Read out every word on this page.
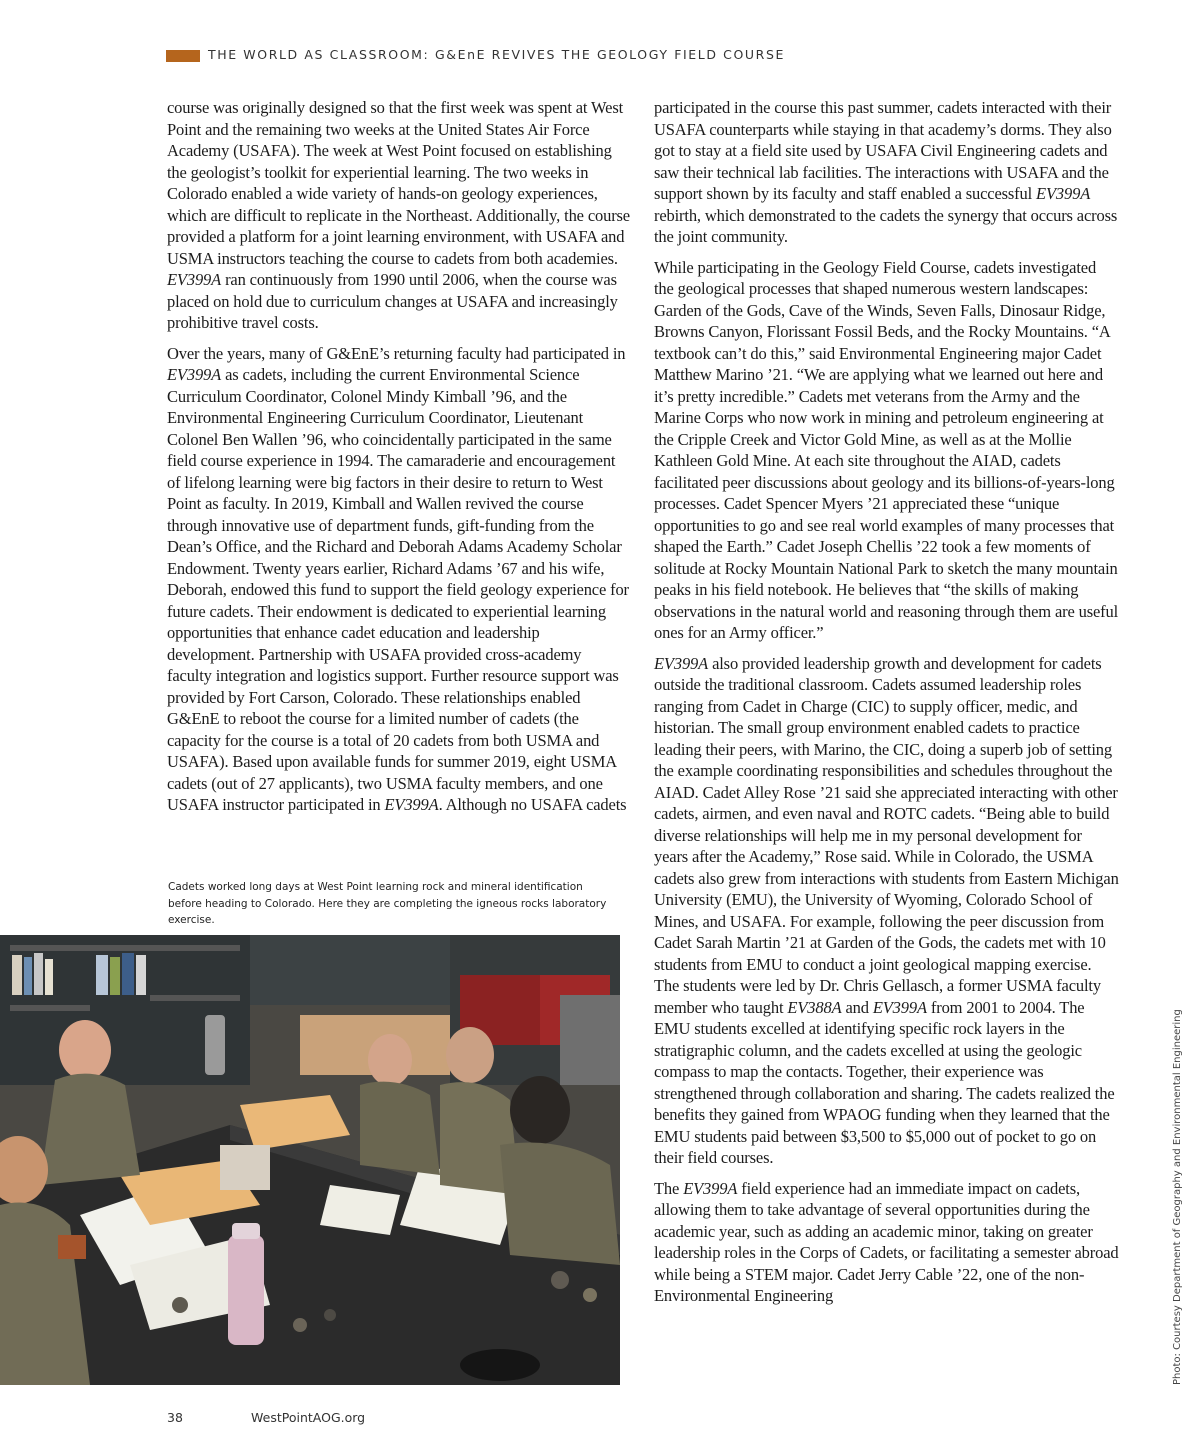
THE WORLD AS CLASSROOM: G&EnE REVIVES THE GEOLOGY FIELD COURSE

course was originally designed so that the first week was spent at West Point and the remaining two weeks at the United States Air Force Academy (USAFA). The week at West Point focused on establishing the geologist’s toolkit for experiential learning. The two weeks in Colorado enabled a wide variety of hands-on geology experiences, which are difficult to replicate in the Northeast. Additionally, the course provided a platform for a joint learning environment, with USAFA and USMA instructors teaching the course to cadets from both academies. EV399A ran continuously from 1990 until 2006, when the course was placed on hold due to curriculum changes at USAFA and increasingly prohibitive travel costs.

Over the years, many of G&EnE’s returning faculty had participated in EV399A as cadets, including the current Environmental Science Curriculum Coordinator, Colonel Mindy Kimball ’96, and the Environmental Engineering Curriculum Coordinator, Lieutenant Colonel Ben Wallen ’96, who coincidentally participated in the same field course experience in 1994. The camaraderie and encouragement of lifelong learning were big factors in their desire to return to West Point as faculty. In 2019, Kimball and Wallen revived the course through innovative use of department funds, gift-funding from the Dean’s Office, and the Richard and Deborah Adams Academy Scholar Endowment. Twenty years earlier, Richard Adams ’67 and his wife, Deborah, endowed this fund to support the field geology experience for future cadets. Their endowment is dedicated to experiential learning opportunities that enhance cadet education and leadership development. Partnership with USAFA provided cross-academy faculty integration and logistics support. Further resource support was provided by Fort Carson, Colorado. These relationships enabled G&EnE to reboot the course for a limited number of cadets (the capacity for the course is a total of 20 cadets from both USMA and USAFA). Based upon available funds for summer 2019, eight USMA cadets (out of 27 applicants), two USMA faculty members, and one USAFA instructor participated in EV399A. Although no USAFA cadets

Cadets worked long days at West Point learning rock and mineral identification before heading to Colorado. Here they are completing the igneous rocks laboratory exercise.

participated in the course this past summer, cadets interacted with their USAFA counterparts while staying in that academy’s dorms. They also got to stay at a field site used by USAFA Civil Engineering cadets and saw their technical lab facilities. The interactions with USAFA and the support shown by its faculty and staff enabled a successful EV399A rebirth, which demonstrated to the cadets the synergy that occurs across the joint community.

While participating in the Geology Field Course, cadets investigated the geological processes that shaped numerous western landscapes: Garden of the Gods, Cave of the Winds, Seven Falls, Dinosaur Ridge, Browns Canyon, Florissant Fossil Beds, and the Rocky Mountains. “A textbook can’t do this,” said Environmental Engineering major Cadet Matthew Marino ’21. “We are applying what we learned out here and it’s pretty incredible.” Cadets met veterans from the Army and the Marine Corps who now work in mining and petroleum engineering at the Cripple Creek and Victor Gold Mine, as well as at the Mollie Kathleen Gold Mine. At each site throughout the AIAD, cadets facilitated peer discussions about geology and its billions-of-years-long processes. Cadet Spencer Myers ’21 appreciated these “unique opportunities to go and see real world examples of many processes that shaped the Earth.” Cadet Joseph Chellis ’22 took a few moments of solitude at Rocky Mountain National Park to sketch the many mountain peaks in his field notebook. He believes that “the skills of making observations in the natural world and reasoning through them are useful ones for an Army officer.”

EV399A also provided leadership growth and development for cadets outside the traditional classroom. Cadets assumed leadership roles ranging from Cadet in Charge (CIC) to supply officer, medic, and historian. The small group environment enabled cadets to practice leading their peers, with Marino, the CIC, doing a superb job of setting the example coordinating responsibilities and schedules throughout the AIAD. Cadet Alley Rose ’21 said she appreciated interacting with other cadets, airmen, and even naval and ROTC cadets. “Being able to build diverse relationships will help me in my personal development for years after the Academy,” Rose said. While in Colorado, the USMA cadets also grew from interactions with students from Eastern Michigan University (EMU), the University of Wyoming, Colorado School of Mines, and USAFA. For example, following the peer discussion from Cadet Sarah Martin ’21 at Garden of the Gods, the cadets met with 10 students from EMU to conduct a joint geological mapping exercise. The students were led by Dr. Chris Gellasch, a former USMA faculty member who taught EV388A and EV399A from 2001 to 2004. The EMU students excelled at identifying specific rock layers in the stratigraphic column, and the cadets excelled at using the geologic compass to map the contacts. Together, their experience was strengthened through collaboration and sharing. The cadets realized the benefits they gained from WPAOG funding when they learned that the EMU students paid between $3,500 to $5,000 out of pocket to go on their field courses.

The EV399A field experience had an immediate impact on cadets, allowing them to take advantage of several opportunities during the academic year, such as adding an academic minor, taking on greater leadership roles in the Corps of Cadets, or facilitating a semester abroad while being a STEM major. Cadet Jerry Cable ’22, one of the non-Environmental Engineering	Photo: Courtesy Department of Geography and Environmental Engineering
38	WestPointAOG.org
